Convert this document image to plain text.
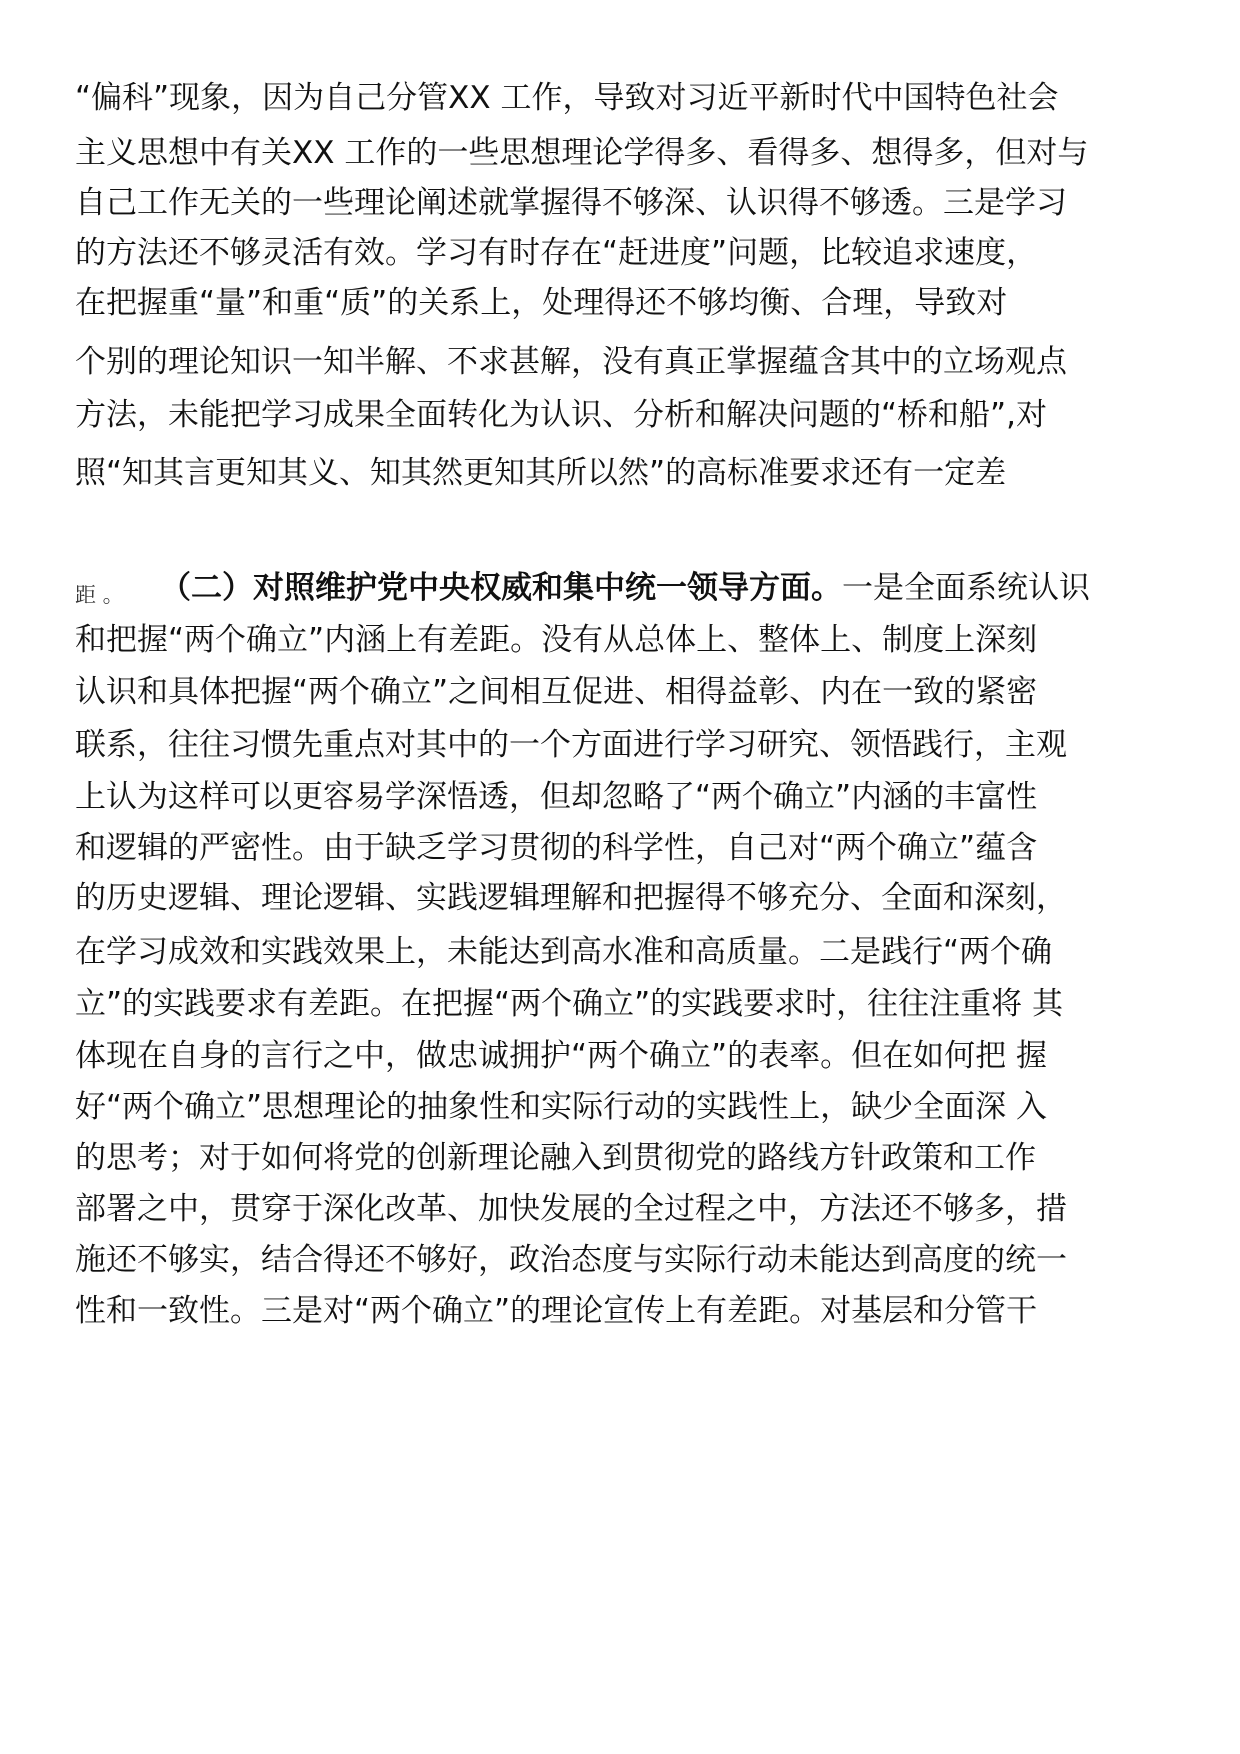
“偏科”现象，因为自己分管XX 工作，导致对习近平新时代中国特色社会
主义思想中有关XX 工作的一些思想理论学得多、看得多、想得多，但对与
自己工作无关的一些理论阐述就掌握得不够深、认识得不够透。三是学习
的方法还不够灵活有效。学习有时存在“赶进度”问题，比较追求速度，
在把握重“量”和重“质”的关系上，处理得还不够均衡、合理，导致对
个别的理论知识一知半解、不求甚解，没有真正掌握蕴含其中的立场观点
方法，未能把学习成果全面转化为认识、分析和解决问题的“桥和船”,对
照“知其言更知其义、知其然更知其所以然”的高标准要求还有一定差
距 。	（二）对照维护党中央权威和集中统一领导方面。一是全面系统认识
和把握“两个确立”内涵上有差距。没有从总体上、整体上、制度上深刻
认识和具体把握“两个确立”之间相互促进、相得益彰、内在一致的紧密
联系，往往习惯先重点对其中的一个方面进行学习研究、领悟践行，主观
上认为这样可以更容易学深悟透，但却忽略了“两个确立”内涵的丰富性
和逻辑的严密性。由于缺乏学习贯彻的科学性，自己对“两个确立”蕴含
的历史逻辑、理论逻辑、实践逻辑理解和把握得不够充分、全面和深刻，
在学习成效和实践效果上，未能达到高水准和高质量。二是践行“两个确
立”的实践要求有差距。在把握“两个确立”的实践要求时，往往注重将 其
体现在自身的言行之中，做忠诚拥护“两个确立”的表率。但在如何把 握
好“两个确立”思想理论的抽象性和实际行动的实践性上，缺少全面深 入
的思考；对于如何将党的创新理论融入到贯彻党的路线方针政策和工作
部署之中，贯穿于深化改革、加快发展的全过程之中，方法还不够多，措
施还不够实，结合得还不够好，政治态度与实际行动未能达到高度的统一
性和一致性。三是对“两个确立”的理论宣传上有差距。对基层和分管干
